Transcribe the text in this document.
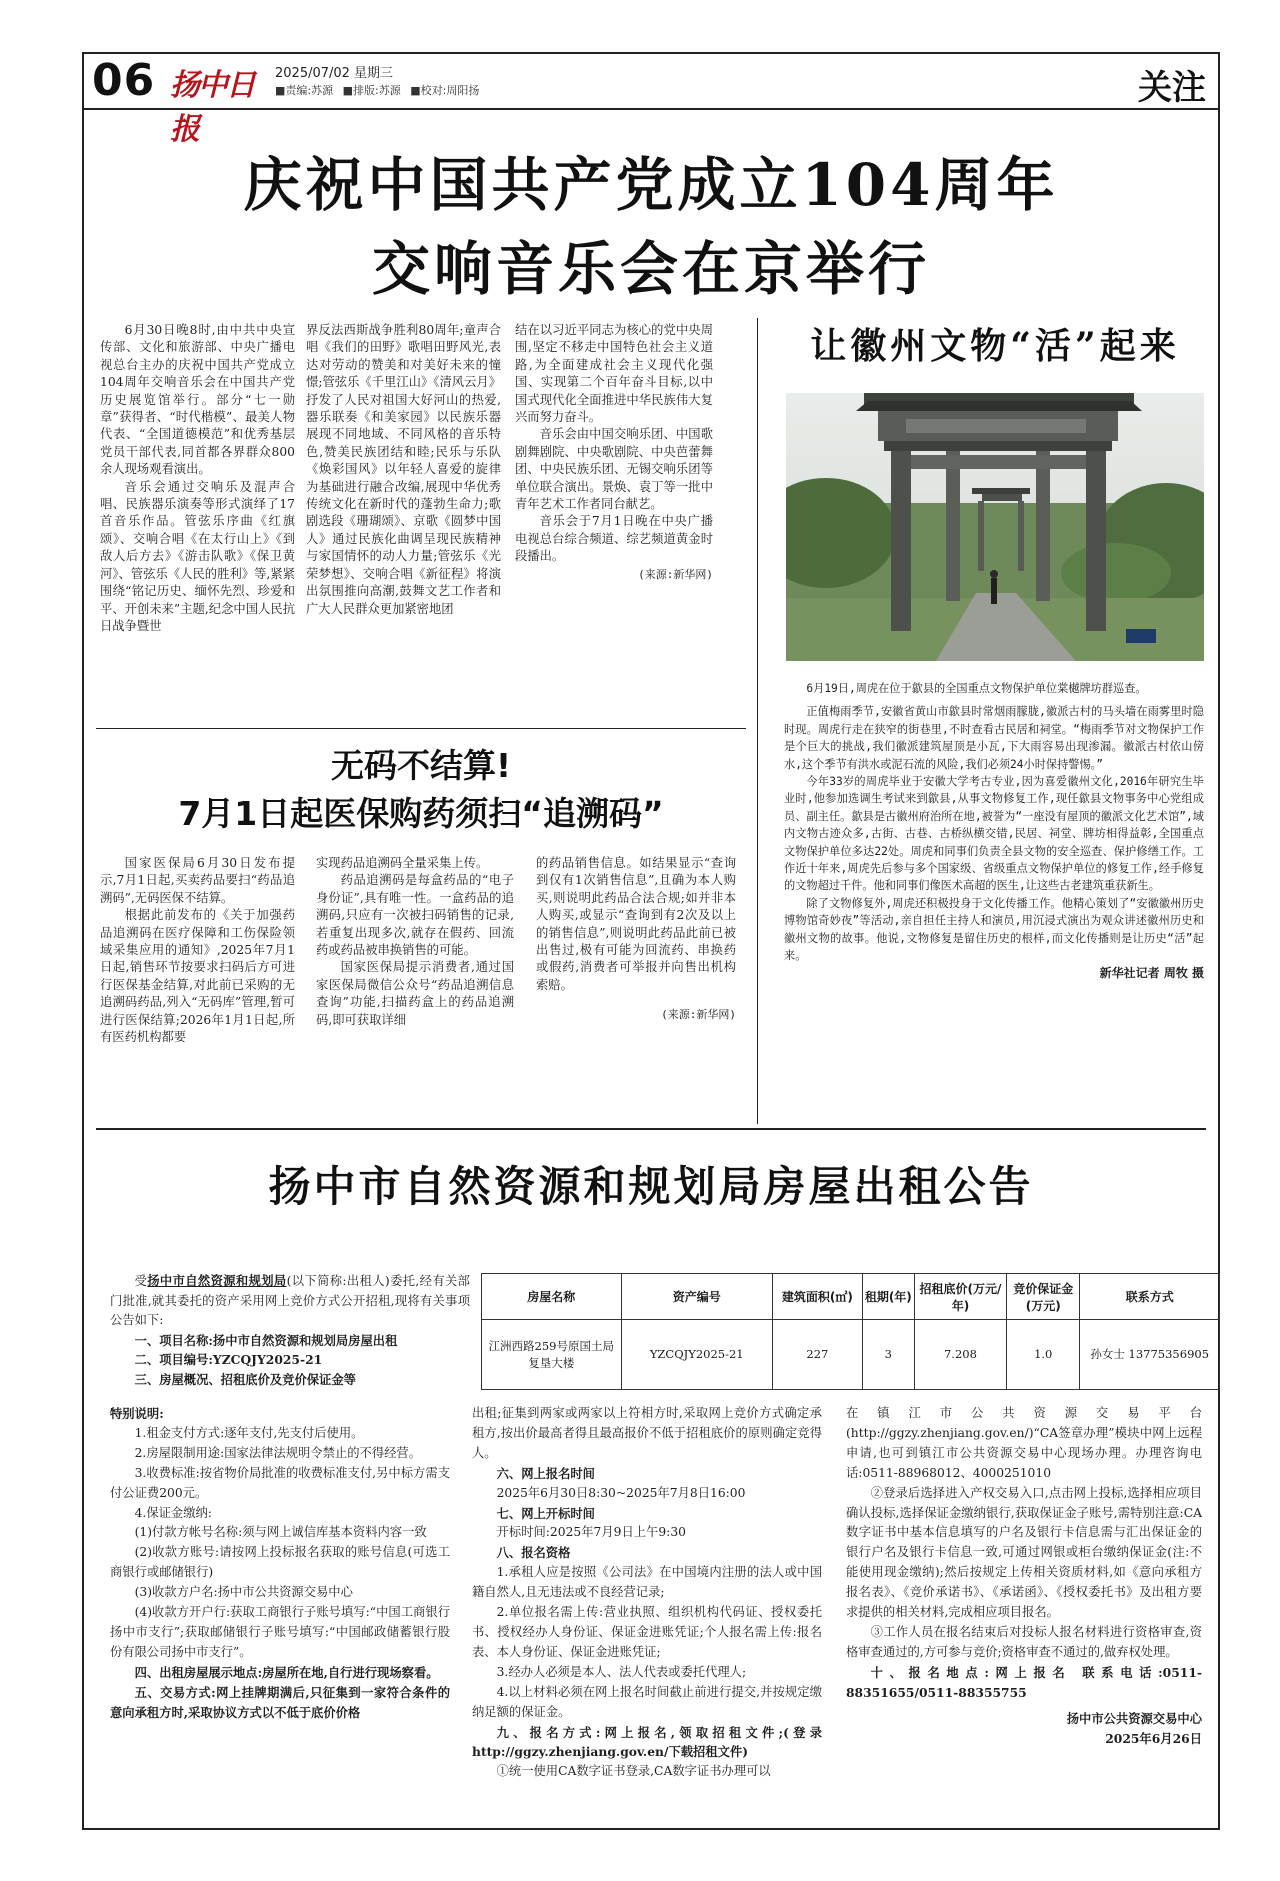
06 扬中日报
2025/07/02 星期三
■责编:苏源 ■排版:苏源 ■校对:周阳扬	关注
庆祝中国共产党成立104周年
交响音乐会在京举行

6月30日晚8时,由中共中央宣传部、文化和旅游部、中央广播电视总台主办的庆祝中国共产党成立104周年交响音乐会在中国共产党历史展览馆举行。部分“七一勋章”获得者、“时代楷模”、最美人物代表、“全国道德模范”和优秀基层党员干部代表,同首都各界群众800余人现场观看演出。

音乐会通过交响乐及混声合唱、民族器乐演奏等形式演绎了17首音乐作品。管弦乐序曲《红旗颂》、交响合唱《在太行山上》《到敌人后方去》《游击队歌》《保卫黄河》、管弦乐《人民的胜利》等,紧紧围绕“铭记历史、缅怀先烈、珍爱和平、开创未来”主题,纪念中国人民抗日战争暨世

界反法西斯战争胜利80周年;童声合唱《我们的田野》歌唱田野风光,表达对劳动的赞美和对美好未来的憧憬;管弦乐《千里江山》《清风云月》抒发了人民对祖国大好河山的热爱,器乐联奏《和美家园》以民族乐器展现不同地域、不同风格的音乐特色,赞美民族团结和睦;民乐与乐队《焕彩国风》以年轻人喜爱的旋律为基础进行融合改编,展现中华优秀传统文化在新时代的蓬勃生命力;歌剧选段《珊瑚颂》、京歌《圆梦中国人》通过民族化曲调呈现民族精神与家国情怀的动人力量;管弦乐《光荣梦想》、交响合唱《新征程》将演出氛围推向高潮,鼓舞文艺工作者和广大人民群众更加紧密地团

结在以习近平同志为核心的党中央周围,坚定不移走中国特色社会主义道路,为全面建成社会主义现代化强国、实现第二个百年奋斗目标,以中国式现代化全面推进中华民族伟大复兴而努力奋斗。

音乐会由中国交响乐团、中国歌剧舞剧院、中央歌剧院、中央芭蕾舞团、中央民族乐团、无锡交响乐团等单位联合演出。景焕、袁丁等一批中青年艺术工作者同台献艺。

音乐会于7月1日晚在中央广播电视总台综合频道、综艺频道黄金时段播出。

(来源:新华网)
无码不结算!
7月1日起医保购药须扫“追溯码”

国家医保局6月30日发布提示,7月1日起,买卖药品要扫“药品追溯码”,无码医保不结算。

根据此前发布的《关于加强药品追溯码在医疗保障和工伤保险领域采集应用的通知》,2025年7月1日起,销售环节按要求扫码后方可进行医保基金结算,对此前已采购的无追溯码药品,列入“无码库”管理,暂可进行医保结算;2026年1月1日起,所有医药机构都要

实现药品追溯码全量采集上传。

药品追溯码是每盒药品的“电子身份证”,具有唯一性。一盒药品的追溯码,只应有一次被扫码销售的记录,若重复出现多次,就存在假药、回流药或药品被串换销售的可能。

国家医保局提示消费者,通过国家医保局微信公众号“药品追溯信息查询”功能,扫描药盒上的药品追溯码,即可获取详细

的药品销售信息。如结果显示“查询到仅有1次销售信息”,且确为本人购买,则说明此药品合法合规;如并非本人购买,或显示“查询到有2次及以上的销售信息”,则说明此药品此前已被出售过,极有可能为回流药、串换药或假药,消费者可举报并向售出机构索赔。

(来源:新华网)
让徽州文物“活”起来

6月19日,周虎在位于歙县的全国重点文物保护单位棠樾牌坊群巡查。

正值梅雨季节,安徽省黄山市歙县时常烟雨朦胧,徽派古村的马头墙在雨雾里时隐时现。周虎行走在狭窄的街巷里,不时查看古民居和祠堂。“梅雨季节对文物保护工作是个巨大的挑战,我们徽派建筑屋顶是小瓦,下大雨容易出现渗漏。徽派古村依山傍水,这个季节有洪水或泥石流的风险,我们必须24小时保持警惕。”

今年33岁的周虎毕业于安徽大学考古专业,因为喜爱徽州文化,2016年研究生毕业时,他参加选调生考试来到歙县,从事文物修复工作,现任歙县文物事务中心党组成员、副主任。歙县是古徽州府治所在地,被誉为“一座没有屋顶的徽派文化艺术馆”,域内文物古迹众多,古街、古巷、古桥纵横交错,民居、祠堂、牌坊相得益彰,全国重点文物保护单位多达22处。周虎和同事们负责全县文物的安全巡查、保护修缮工作。工作近十年来,周虎先后参与多个国家级、省级重点文物保护单位的修复工作,经手修复的文物超过千件。他和同事们像医术高超的医生,让这些古老建筑重获新生。

除了文物修复外,周虎还积极投身于文化传播工作。他精心策划了“安徽徽州历史博物馆奇妙夜”等活动,亲自担任主持人和演员,用沉浸式演出为观众讲述徽州历史和徽州文物的故事。他说,文物修复是留住历史的根样,而文化传播则是让历史“活”起来。

新华社记者 周牧 摄
扬中市自然资源和规划局房屋出租公告
受扬中市自然资源和规划局(以下简称:出租人)委托,经有关部门批准,就其委托的资产采用网上竞价方式公开招租,现将有关事项公告如下:
一、项目名称:扬中市自然资源和规划局房屋出租
二、项目编号:YZCQJY2025-21
三、房屋概况、招租底价及竞价保证金等
房屋名称	资产编号	建筑面积(㎡)	租期(年)	招租底价(万元/年)	竞价保证金(万元)	联系方式
江洲西路259号原国土局复垦大楼	YZCQJY2025-21	227	3	7.208	1.0	孙女士 13775356905

特别说明:

1.租金支付方式:逐年支付,先支付后使用。

2.房屋限制用途:国家法律法规明令禁止的不得经营。

3.收费标准:按省物价局批准的收费标准支付,另中标方需支付公证费200元。

4.保证金缴纳:

(1)付款方帐号名称:须与网上诚信库基本资料内容一致

(2)收款方账号:请按网上投标报名获取的账号信息(可选工商银行或邮储银行)

(3)收款方户名:扬中市公共资源交易中心

(4)收款方开户行:获取工商银行子账号填写:“中国工商银行扬中市支行”;获取邮储银行子账号填写:“中国邮政储蓄银行股份有限公司扬中市支行”。

四、出租房屋展示地点:房屋所在地,自行进行现场察看。

五、交易方式:网上挂牌期满后,只征集到一家符合条件的意向承租方时,采取协议方式以不低于底价价格

出租;征集到两家或两家以上符相方时,采取网上竞价方式确定承租方,按出价最高者得且最高报价不低于招租底价的原则确定竞得人。

六、网上报名时间

2025年6月30日8:30~2025年7月8日16:00

七、网上开标时间

开标时间:2025年7月9日上午9:30

八、报名资格

1.承租人应是按照《公司法》在中国境内注册的法人或中国籍自然人,且无违法或不良经营记录;

2.单位报名需上传:营业执照、组织机构代码证、授权委托书、授权经办人身份证、保证金进账凭证;个人报名需上传:报名表、本人身份证、保证金进账凭证;

3.经办人必须是本人、法人代表或委托代理人;

4.以上材料必须在网上报名时间截止前进行提交,并按规定缴纳足额的保证金。

九、报名方式:网上报名,领取招租文件;(登录http://ggzy.zhenjiang.gov.en/下载招租文件)

①统一使用CA数字证书登录,CA数字证书办理可以

在镇江市公共资源交易平台(http://ggzy.zhenjiang.gov.en/)“CA签章办理”模块中网上远程申请,也可到镇江市公共资源交易中心现场办理。办理咨询电话:0511-88968012、4000251010

②登录后选择进入产权交易入口,点击网上投标,选择相应项目确认投标,选择保证金缴纳银行,获取保证金子账号,需特别注意:CA数字证书中基本信息填写的户名及银行卡信息需与汇出保证金的银行户名及银行卡信息一致,可通过网银或柜台缴纳保证金(注:不能使用现金缴纳);然后按规定上传相关资质材料,如《意向承租方报名表》、《竞价承诺书》、《承诺函》、《授权委托书》及出租方要求提供的相关材料,完成相应项目报名。

③工作人员在报名结束后对投标人报名材料进行资格审查,资格审查通过的,方可参与竞价;资格审查不通过的,做弃权处理。

十、报名地点:网上报名 联系电话:0511-88351655/0511-88355755

扬中市公共资源交易中心
2025年6月26日
